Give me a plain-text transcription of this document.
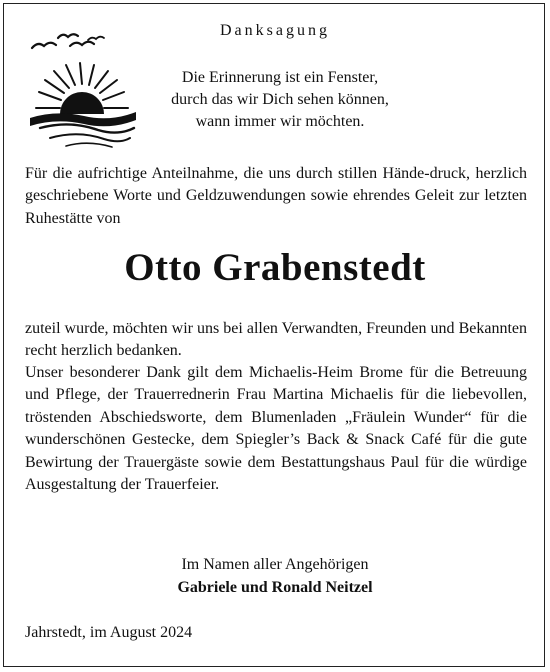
Danksagung
Die Erinnerung ist ein Fenster,
durch das wir Dich sehen können,
wann immer wir möchten.
Für die aufrichtige Anteilnahme, die uns durch stillen Hände-druck, herzlich geschriebene Worte und Geldzuwendungen sowie ehrendes Geleit zur letzten Ruhestätte von
Otto Grabenstedt
zuteil wurde, möchten wir uns bei allen Verwandten, Freunden und Bekannten recht herzlich bedanken.
Unser besonderer Dank gilt dem Michaelis-Heim Brome für die Betreuung und Pflege, der Trauerrednerin Frau Martina Michaelis für die liebevollen, tröstenden Abschiedsworte, dem Blumenladen „Fräulein Wunder“ für die wunderschönen Gestecke, dem Spiegler’s Back & Snack Café für die gute Bewirtung der Trauergäste sowie dem Bestattungshaus Paul für die würdige Ausgestaltung der Trauerfeier.
Im Namen aller Angehörigen
Gabriele und Ronald Neitzel
Jahrstedt, im August 2024
